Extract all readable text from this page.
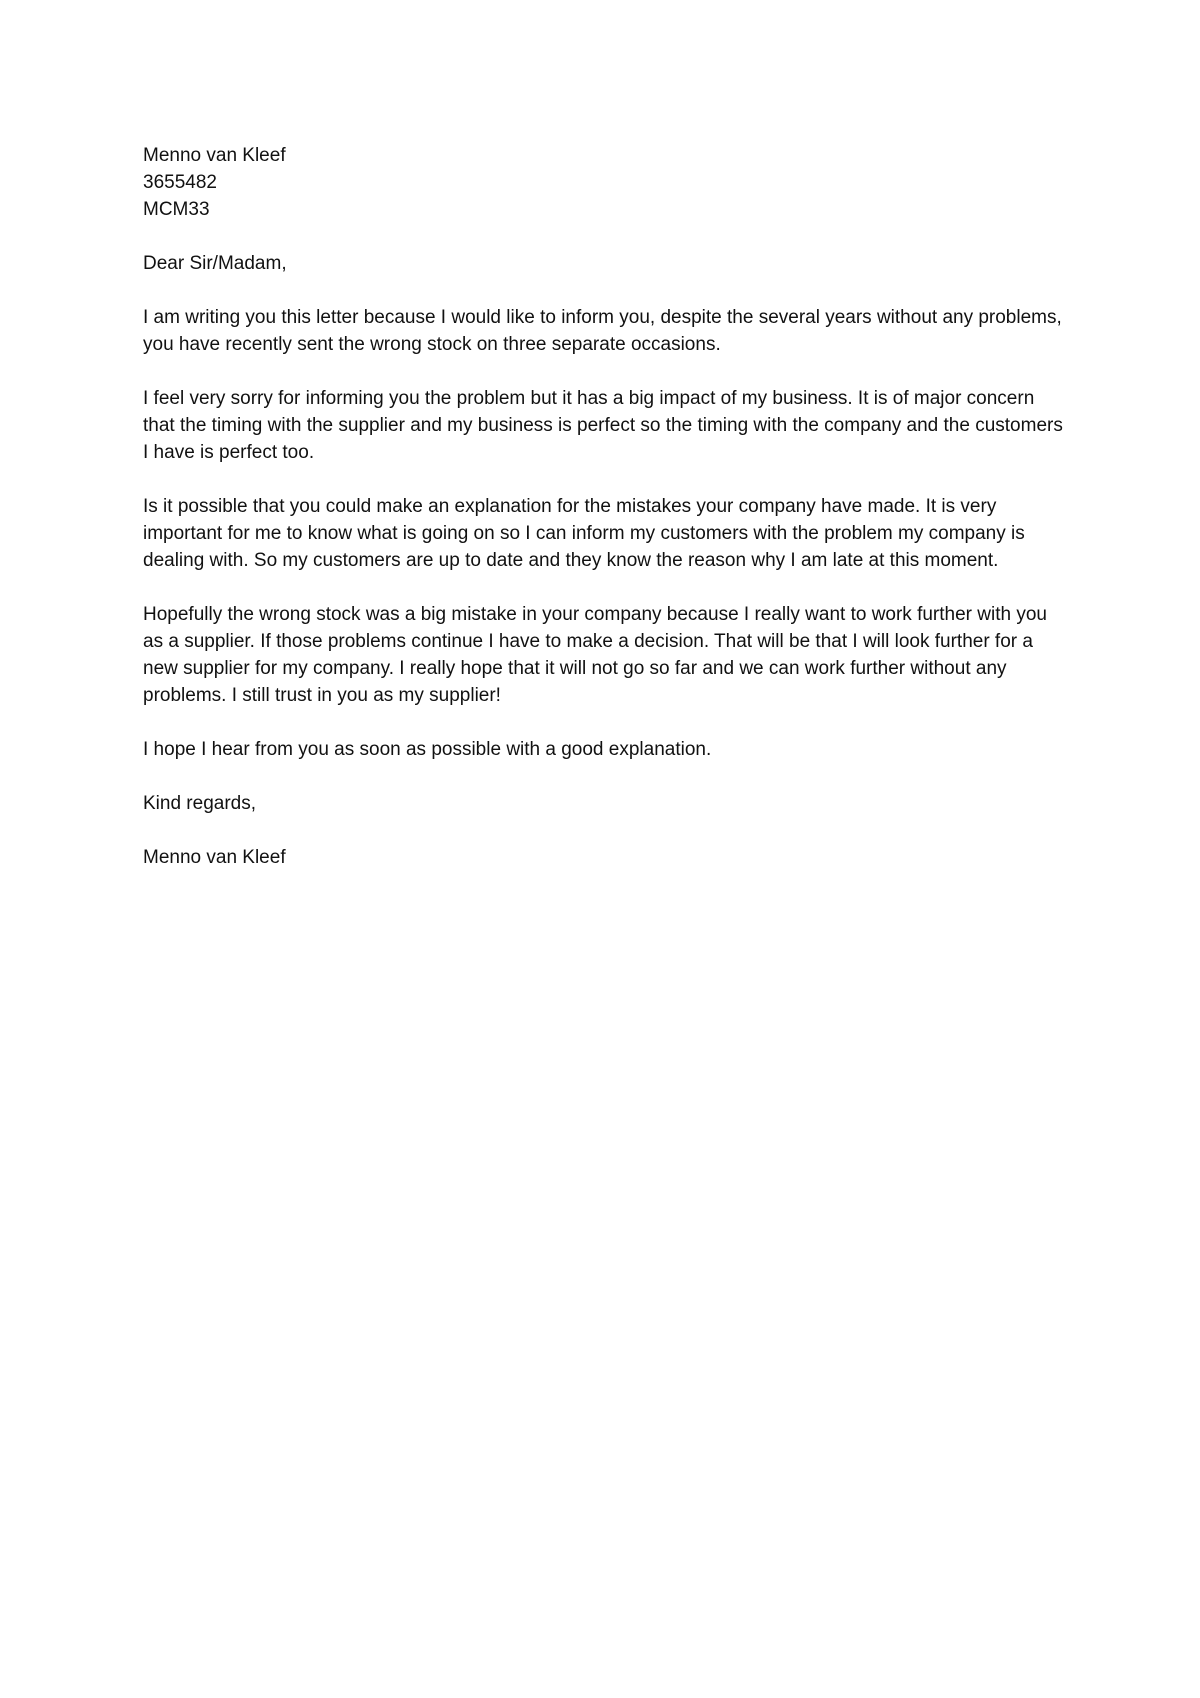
Menno van Kleef

3655482

MCM33

Dear Sir/Madam,

I am writing you this letter because I would like to inform you, despite the several years without any problems, you have recently sent the wrong stock on three separate occasions.

I feel very sorry for informing you the problem but it has a big impact of my business. It is of major concern that the timing with the supplier and my business is perfect so the timing with the company and the customers I have is perfect too.

Is it possible that you could make an explanation for the mistakes your company have made. It is very important for me to know what is going on so I can inform my customers with the problem my company is dealing with. So my customers are up to date and they know the reason why I am late at this moment.

Hopefully the wrong stock was a big mistake in your company because I really want to work further with you as a supplier. If those problems continue I have to make a decision. That will be that I will look further for a new supplier for my company. I really hope that it will not go so far and we can work further without any problems. I still trust in you as my supplier!

I hope I hear from you as soon as possible with a good explanation.

Kind regards,

Menno van Kleef
